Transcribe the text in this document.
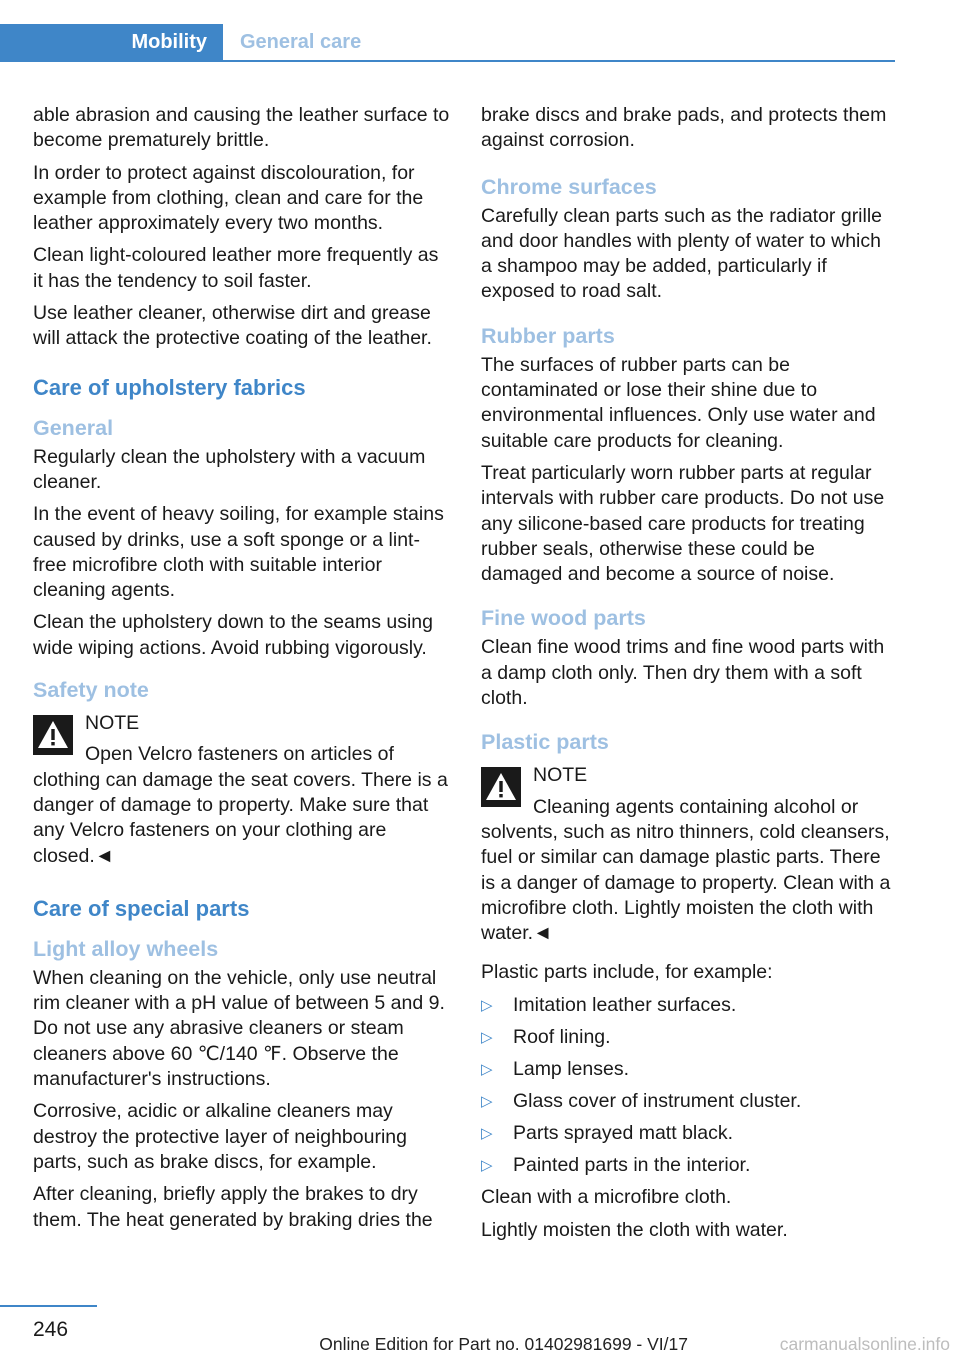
Mobility General care

able abrasion and causing the leather surface to become prematurely brittle.

In order to protect against discolouration, for example from clothing, clean and care for the leather approximately every two months.

Clean light-coloured leather more frequently as it has the tendency to soil faster.

Use leather cleaner, otherwise dirt and grease will attack the protective coating of the leather.

Care of upholstery fabrics
General

Regularly clean the upholstery with a vacuum cleaner.

In the event of heavy soiling, for example stains caused by drinks, use a soft sponge or a lint-free microfibre cloth with suitable interior cleaning agents.

Clean the upholstery down to the seams using wide wiping actions. Avoid rubbing vigorously.

Safety note
NOTE
Open Velcro fasteners on articles of clothing can damage the seat covers. There is a danger of damage to property. Make sure that any Velcro fasteners on your clothing are closed.◄
Care of special parts
Light alloy wheels

When cleaning on the vehicle, only use neutral rim cleaner with a pH value of between 5 and 9. Do not use any abrasive cleaners or steam cleaners above 60 ℃/140 ℉. Observe the manufacturer's instructions.

Corrosive, acidic or alkaline cleaners may destroy the protective layer of neighbouring parts, such as brake discs, for example.

After cleaning, briefly apply the brakes to dry them. The heat generated by braking dries the

brake discs and brake pads, and protects them against corrosion.

Chrome surfaces

Carefully clean parts such as the radiator grille and door handles with plenty of water to which a shampoo may be added, particularly if exposed to road salt.

Rubber parts

The surfaces of rubber parts can be contaminated or lose their shine due to environmental influences. Only use water and suitable care products for cleaning.

Treat particularly worn rubber parts at regular intervals with rubber care products. Do not use any silicone-based care products for treating rubber seals, otherwise these could be damaged and become a source of noise.

Fine wood parts

Clean fine wood trims and fine wood parts with a damp cloth only. Then dry them with a soft cloth.

Plastic parts
NOTE
Cleaning agents containing alcohol or solvents, such as nitro thinners, cold cleansers, fuel or similar can damage plastic parts. There is a danger of damage to property. Clean with a microfibre cloth. Lightly moisten the cloth with water.◄

Plastic parts include, for example:

▷ Imitation leather surfaces.
▷ Roof lining.
▷ Lamp lenses.
▷ Glass cover of instrument cluster.
▷ Parts sprayed matt black.
▷ Painted parts in the interior.

Clean with a microfibre cloth.

Lightly moisten the cloth with water.

246
Online Edition for Part no. 01402981699 - VI/17	carmanualsonline.info
